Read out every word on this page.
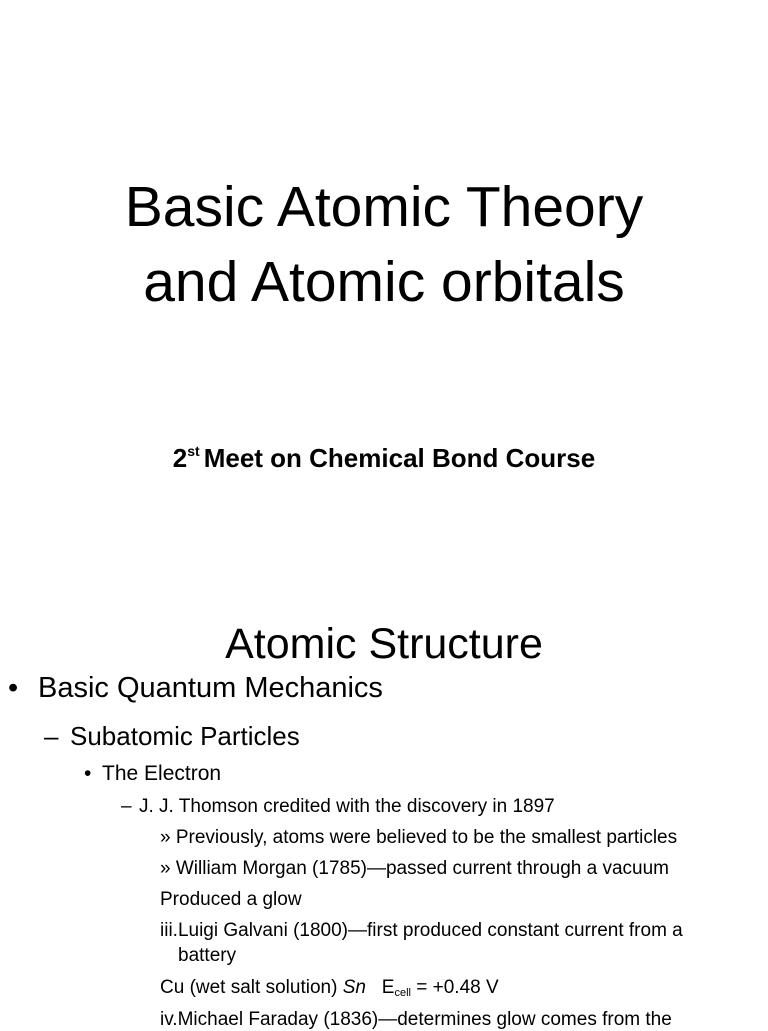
Basic Atomic Theory
and Atomic orbitals

2st Meet on Chemical Bond Course

Atomic Structure
• Basic Quantum Mechanics
– Subatomic Particles
• The Electron
– J. J. Thomson credited with the discovery in 1897
» Previously, atoms were believed to be the smallest particles
» William Morgan (1785)—passed current through a vacuum
Produced a glow
iii.Luigi Galvani (1800)—first produced constant current from a
battery
Cu (wet salt solution) Sn $E_{cell} = +0.48$ V
iv.Michael Faraday (1836)—determines glow comes from the
